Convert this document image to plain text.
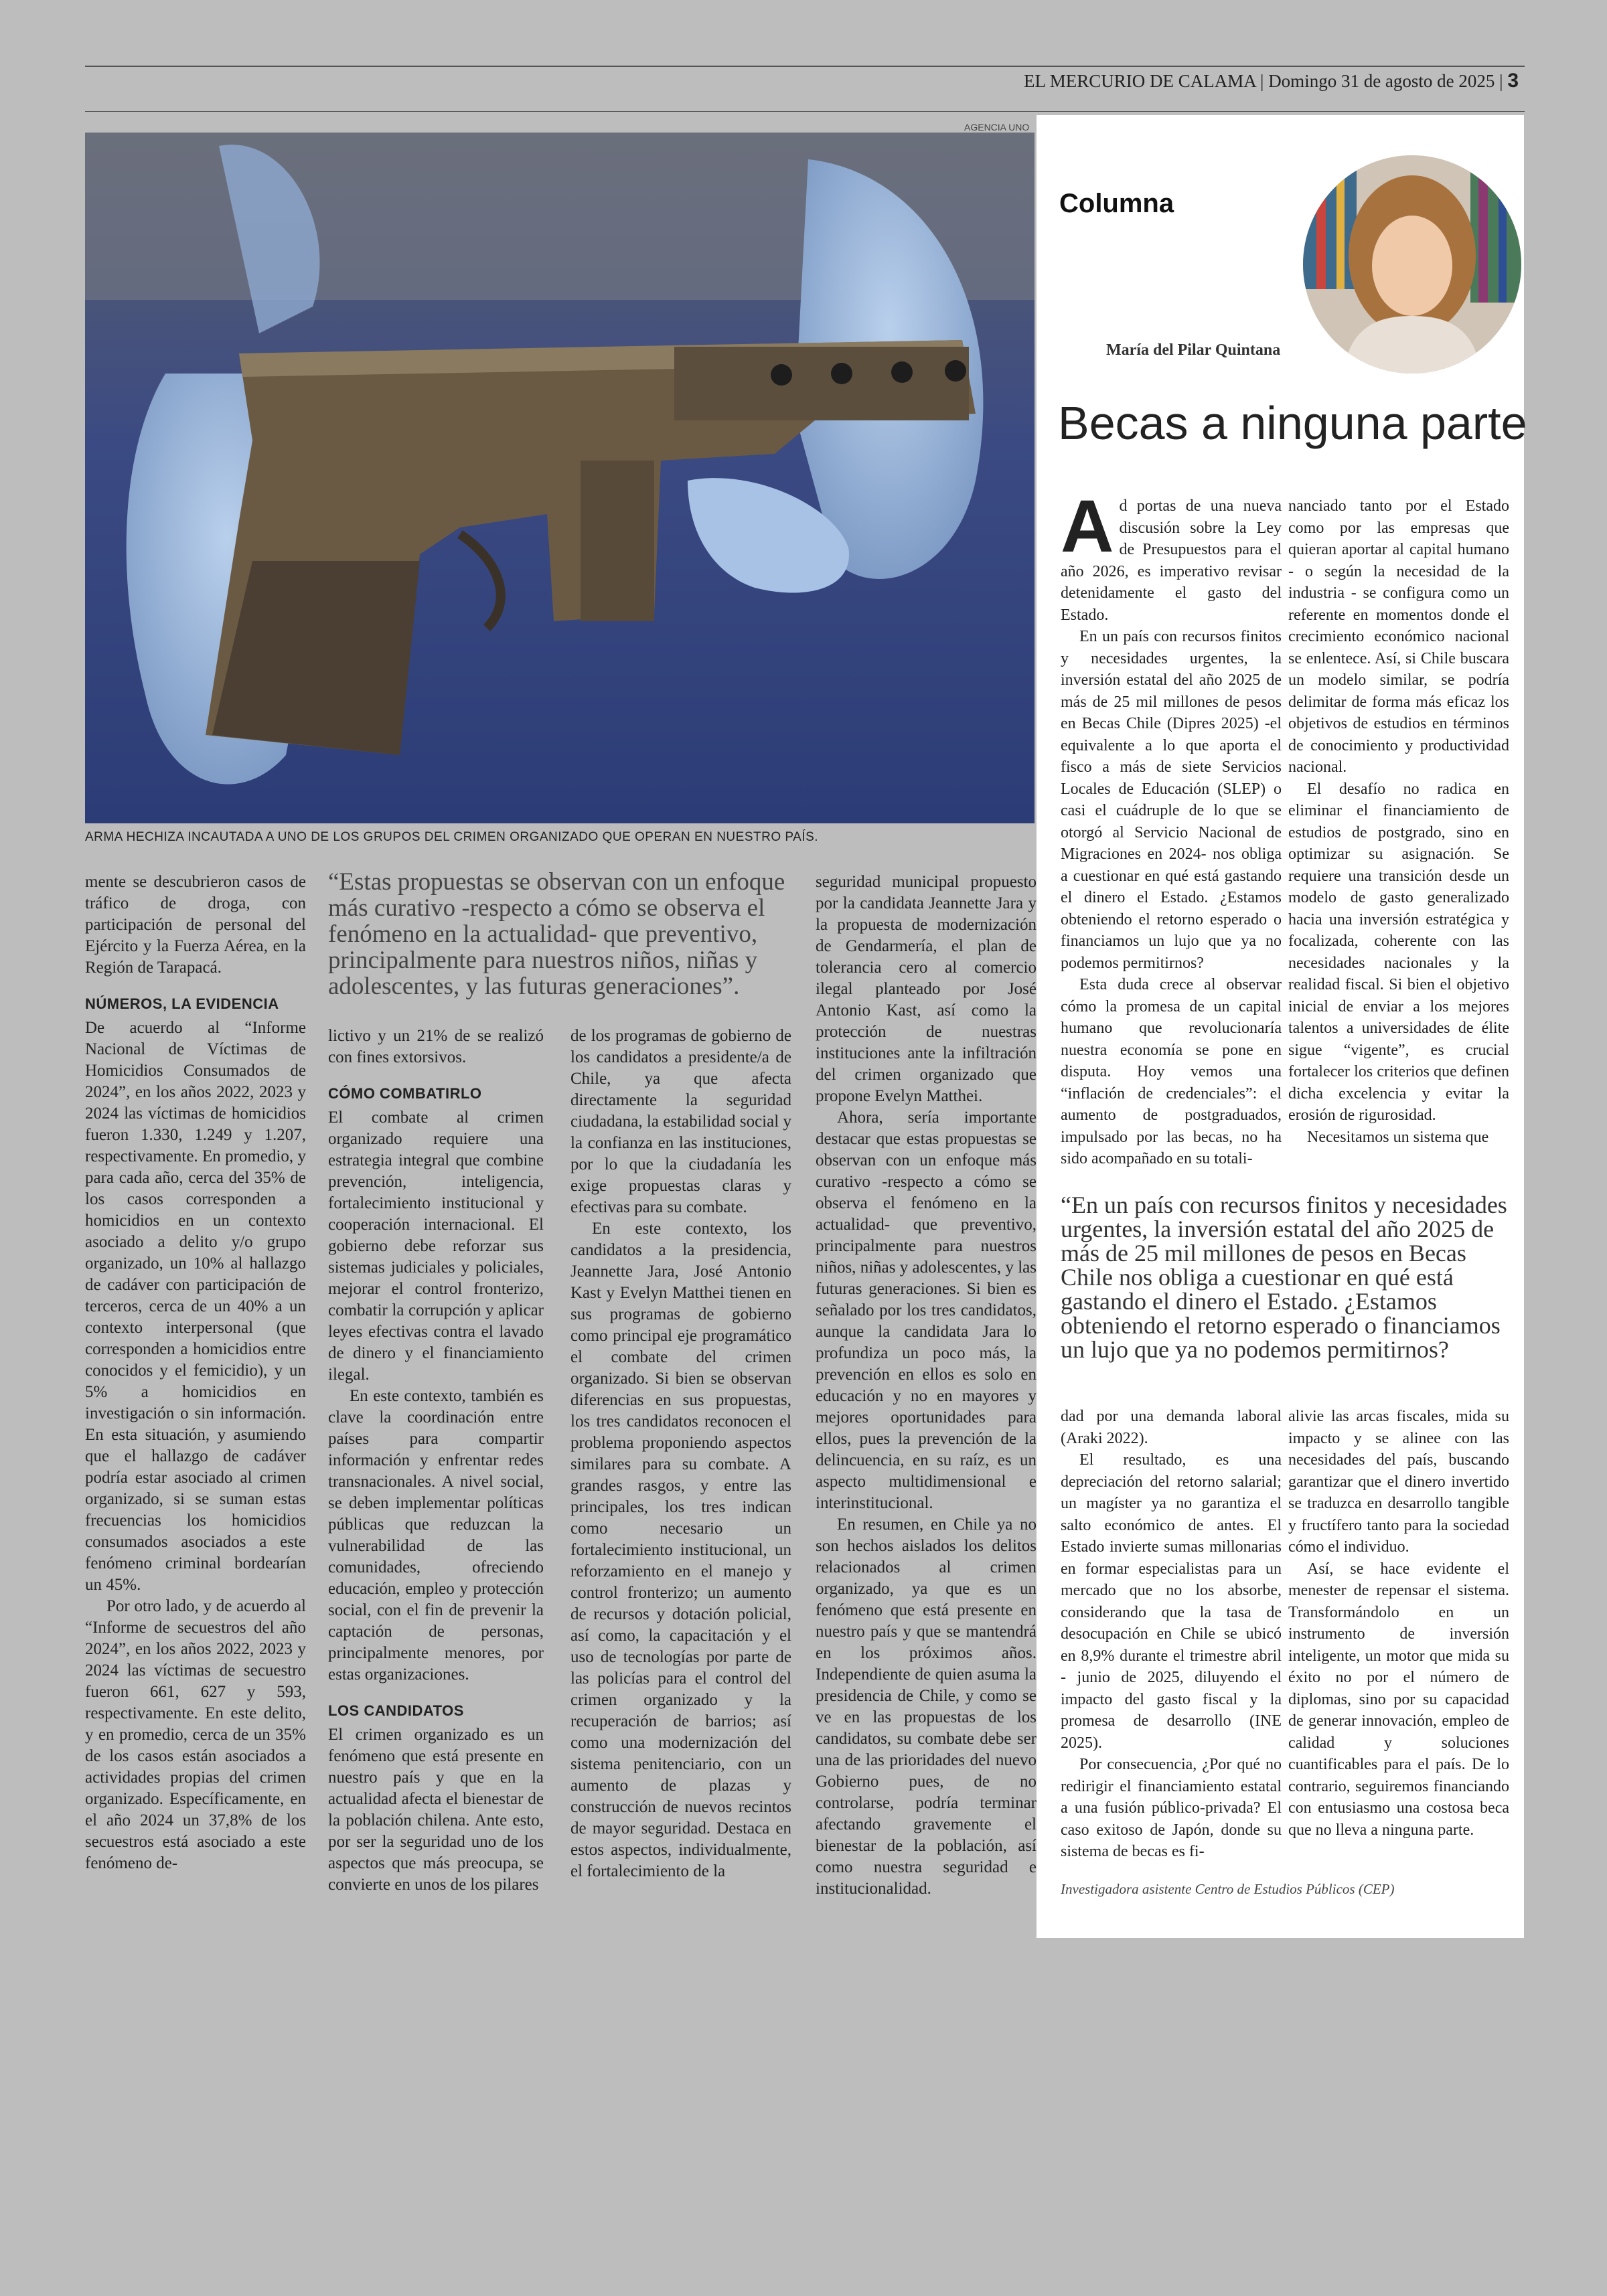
EL MERCURIO DE CALAMA | Domingo 31 de agosto de 2025 | 3
AGENCIA UNO
ARMA HECHIZA INCAUTADA A UNO DE LOS GRUPOS DEL CRIMEN ORGANIZADO QUE OPERAN EN NUESTRO PAÍS.

mente se descubrieron casos de tráfico de droga, con participación de personal del Ejército y la Fuerza Aérea, en la Región de Tarapacá.

NÚMEROS, LA EVIDENCIA

De acuerdo al “Informe Nacional de Víctimas de Homicidios Consumados de 2024”, en los años 2022, 2023 y 2024 las víctimas de homicidios fueron 1.330, 1.249 y 1.207, respectivamente. En promedio, y para cada año, cerca del 35% de los casos corresponden a homicidios en un contexto asociado a delito y/o grupo organizado, un 10% al hallazgo de cadáver con participación de terceros, cerca de un 40% a un contexto interpersonal (que corresponden a homicidios entre conocidos y el femicidio), y un 5% a homicidios en investigación o sin información. En esta situación, y asumiendo que el hallazgo de cadáver podría estar asociado al crimen organizado, si se suman estas frecuencias los homicidios consumados asociados a este fenómeno criminal bordearían un 45%.

Por otro lado, y de acuerdo al “Informe de secuestros del año 2024”, en los años 2022, 2023 y 2024 las víctimas de secuestro fueron 661, 627 y 593, respectivamente. En este delito, y en promedio, cerca de un 35% de los casos están asociados a actividades propias del crimen organizado. Específicamente, en el año 2024 un 37,8% de los secuestros está asociado a este fenómeno de-

“Estas propuestas se observan con un enfoque más curativo -respecto a cómo se observa el fenómeno en la actualidad- que preventivo, principalmente para nuestros niños, niñas y adolescentes, y las futuras generaciones”.

lictivo y un 21% de se realizó con fines extorsivos.

CÓMO COMBATIRLO

El combate al crimen organizado requiere una estrategia integral que combine prevención, inteligencia, fortalecimiento institucional y cooperación internacional. El gobierno debe reforzar sus sistemas judiciales y policiales, mejorar el control fronterizo, combatir la corrupción y aplicar leyes efectivas contra el lavado de dinero y el financiamiento ilegal.

En este contexto, también es clave la coordinación entre países para compartir información y enfrentar redes transnacionales. A nivel social, se deben implementar políticas públicas que reduzcan la vulnerabilidad de las comunidades, ofreciendo educación, empleo y protección social, con el fin de prevenir la captación de personas, principalmente menores, por estas organizaciones.

LOS CANDIDATOS

El crimen organizado es un fenómeno que está presente en nuestro país y que en la actualidad afecta el bienestar de la población chilena. Ante esto, por ser la seguridad uno de los aspectos que más preocupa, se convierte en unos de los pilares

de los programas de gobierno de los candidatos a presidente/a de Chile, ya que afecta directamente la seguridad ciudadana, la estabilidad social y la confianza en las instituciones, por lo que la ciudadanía les exige propuestas claras y efectivas para su combate.

En este contexto, los candidatos a la presidencia, Jeannette Jara, José Antonio Kast y Evelyn Matthei tienen en sus programas de gobierno como principal eje programático el combate del crimen organizado. Si bien se observan diferencias en sus propuestas, los tres candidatos reconocen el problema proponiendo aspectos similares para su combate. A grandes rasgos, y entre las principales, los tres indican como necesario un fortalecimiento institucional, un reforzamiento en el manejo y control fronterizo; un aumento de recursos y dotación policial, así como, la capacitación y el uso de tecnologías por parte de las policías para el control del crimen organizado y la recuperación de barrios; así como una modernización del sistema penitenciario, con un aumento de plazas y construcción de nuevos recintos de mayor seguridad. Destaca en estos aspectos, individualmente, el fortalecimiento de la

seguridad municipal propuesto por la candidata Jeannette Jara y la propuesta de modernización de Gendarmería, el plan de tolerancia cero al comercio ilegal planteado por José Antonio Kast, así como la protección de nuestras instituciones ante la infiltración del crimen organizado que propone Evelyn Matthei.

Ahora, sería importante destacar que estas propuestas se observan con un enfoque más curativo -respecto a cómo se observa el fenómeno en la actualidad- que preventivo, principalmente para nuestros niños, niñas y adolescentes, y las futuras generaciones. Si bien es señalado por los tres candidatos, aunque la candidata Jara lo profundiza un poco más, la prevención en ellos es solo en educación y no en mayores y mejores oportunidades para ellos, pues la prevención de la delincuencia, en su raíz, es un aspecto multidimensional e interinstitucional.

En resumen, en Chile ya no son hechos aislados los delitos relacionados al crimen organizado, ya que es un fenómeno que está presente en nuestro país y que se mantendrá en los próximos años. Independiente de quien asuma la presidencia de Chile, y como se ve en las propuestas de los candidatos, su combate debe ser una de las prioridades del nuevo Gobierno pues, de no controlarse, podría terminar afectando gravemente el bienestar de la población, así como nuestra seguridad e institucionalidad.

Columna
María del Pilar Quintana
Becas a ninguna parte

Ad portas de una nueva discusión sobre la Ley de Presupuestos para el año 2026, es imperativo revisar detenidamente el gasto del Estado.

En un país con recursos finitos y necesidades urgentes, la inversión estatal del año 2025 de más de 25 mil millones de pesos en Becas Chile (Dipres 2025) -el equivalente a lo que aporta el fisco a más de siete Servicios Locales de Educación (SLEP) o casi el cuádruple de lo que se otorgó al Servicio Nacional de Migraciones en 2024- nos obliga a cuestionar en qué está gastando el dinero el Estado. ¿Estamos obteniendo el retorno esperado o financiamos un lujo que ya no podemos permitirnos?

Esta duda crece al observar cómo la promesa de un capital humano que revolucionaría nuestra economía se pone en disputa. Hoy vemos una “inflación de credenciales”: el aumento de postgraduados, impulsado por las becas, no ha sido acompañado en su totali-

nanciado tanto por el Estado como por las empresas que quieran aportar al capital humano - o según la necesidad de la industria - se configura como un referente en momentos donde el crecimiento económico nacional se enlentece. Así, si Chile buscara un modelo similar, se podría delimitar de forma más eficaz los objetivos de estudios en términos de conocimiento y productividad nacional.

El desafío no radica en eliminar el financiamiento de estudios de postgrado, sino en optimizar su asignación. Se requiere una transición desde un modelo de gasto generalizado hacia una inversión estratégica y focalizada, coherente con las necesidades nacionales y la realidad fiscal. Si bien el objetivo inicial de enviar a los mejores talentos a universidades de élite sigue “vigente”, es crucial fortalecer los criterios que definen dicha excelencia y evitar la erosión de rigurosidad.

Necesitamos un sistema que

“En un país con recursos finitos y necesidades urgentes, la inversión estatal del año 2025 de más de 25 mil millones de pesos en Becas Chile nos obliga a cuestionar en qué está gastando el dinero el Estado. ¿Estamos obteniendo el retorno esperado o financiamos un lujo que ya no podemos permitirnos?

dad por una demanda laboral (Araki 2022).

El resultado, es una depreciación del retorno salarial; un magíster ya no garantiza el salto económico de antes. El Estado invierte sumas millonarias en formar especialistas para un mercado que no los absorbe, considerando que la tasa de desocupación en Chile se ubicó en 8,9% durante el trimestre abril - junio de 2025, diluyendo el impacto del gasto fiscal y la promesa de desarrollo (INE 2025).

Por consecuencia, ¿Por qué no redirigir el financiamiento estatal a una fusión público-privada? El caso exitoso de Japón, donde su sistema de becas es fi-

alivie las arcas fiscales, mida su impacto y se alinee con las necesidades del país, buscando garantizar que el dinero invertido se traduzca en desarrollo tangible y fructífero tanto para la sociedad cómo el individuo.

Así, se hace evidente el menester de repensar el sistema. Transformándolo en un instrumento de inversión inteligente, un motor que mida su éxito no por el número de diplomas, sino por su capacidad de generar innovación, empleo de calidad y soluciones cuantificables para el país. De lo contrario, seguiremos financiando con entusiasmo una costosa beca que no lleva a ninguna parte.

Investigadora asistente Centro de Estudios Públicos (CEP)
